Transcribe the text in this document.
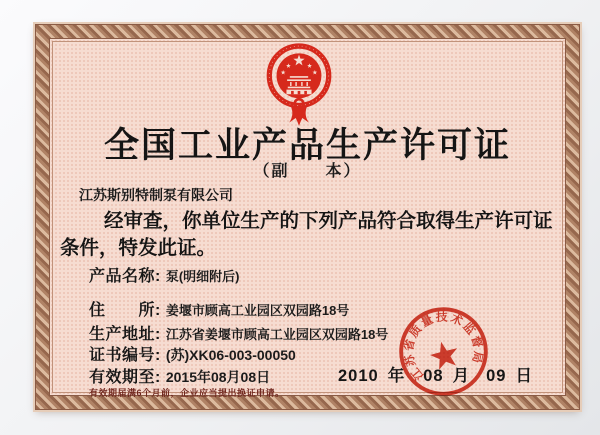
全国工业产品生产许可证
（副　　本）
江苏斯别特制泵有限公司
经审查，你单位生产的下列产品符合取得生产许可证
条件，特发此证。
产品名称: 泵(明细附后)
住　　所: 姜堰市顾高工业园区双园路18号
生产地址: 江苏省姜堰市顾高工业园区双园路18号
证书编号: (苏)XK06-003-00050
有效期至: 2015年08月08日
有效期届满6个月前，企业应当提出换证申请。
2010 年 08 月 09 日
江苏省质量技术监督局
